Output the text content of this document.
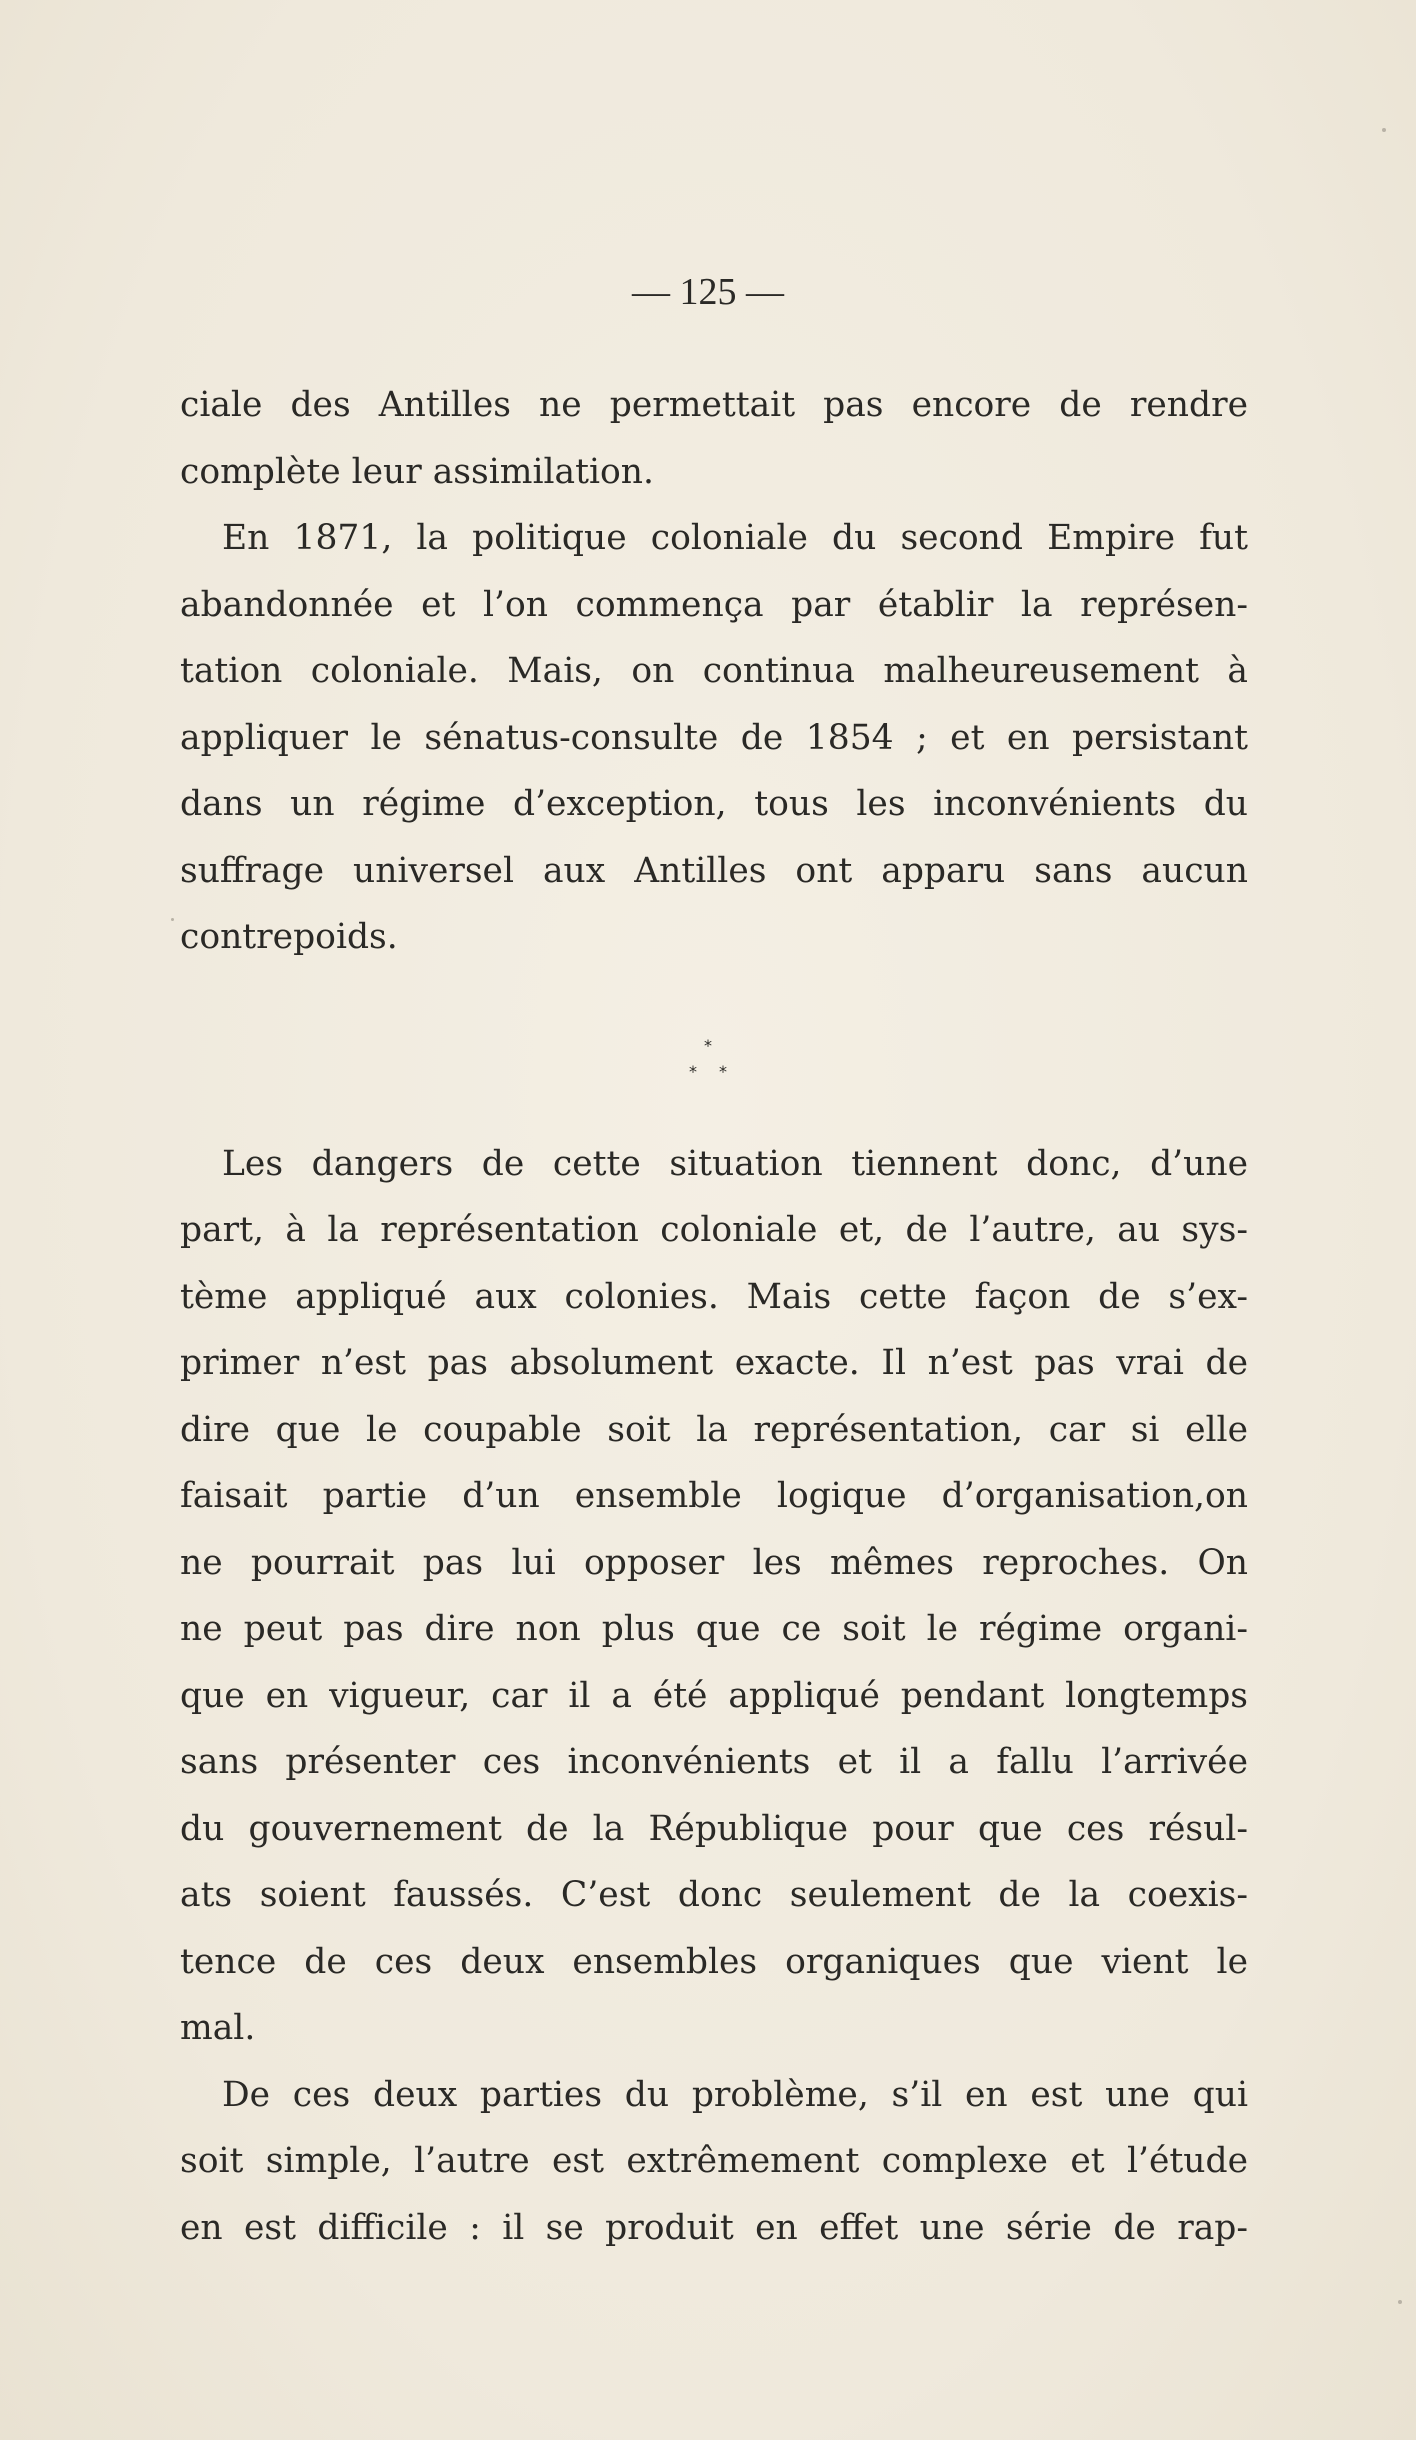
— 125 —
ciale des Antilles ne permettait pas encore de rendre
complète leur assimilation.
En 1871, la politique coloniale du second Empire fut
abandonnée et l’on commença par établir la représen-
tation coloniale. Mais, on continua malheureusement à
appliquer le sénatus-consulte de 1854 ; et en persistant
dans un régime d’exception, tous les inconvénients du
suffrage universel aux Antilles ont apparu sans aucun
contrepoids.
*
* *
Les dangers de cette situation tiennent donc, d’une
part, à la représentation coloniale et, de l’autre, au sys-
tème appliqué aux colonies. Mais cette façon de s’ex-
primer n’est pas absolument exacte. Il n’est pas vrai de
dire que le coupable soit la représentation, car si elle
faisait partie d’un ensemble logique d’organisation,on
ne pourrait pas lui opposer les mêmes reproches. On
ne peut pas dire non plus que ce soit le régime organi-
que en vigueur, car il a été appliqué pendant longtemps
sans présenter ces inconvénients et il a fallu l’arrivée
du gouvernement de la République pour que ces résul-
ats soient faussés. C’est donc seulement de la coexis-
tence de ces deux ensembles organiques que vient le
mal.
De ces deux parties du problème, s’il en est une qui
soit simple, l’autre est extrêmement complexe et l’étude
en est difficile : il se produit en effet une série de rap-
